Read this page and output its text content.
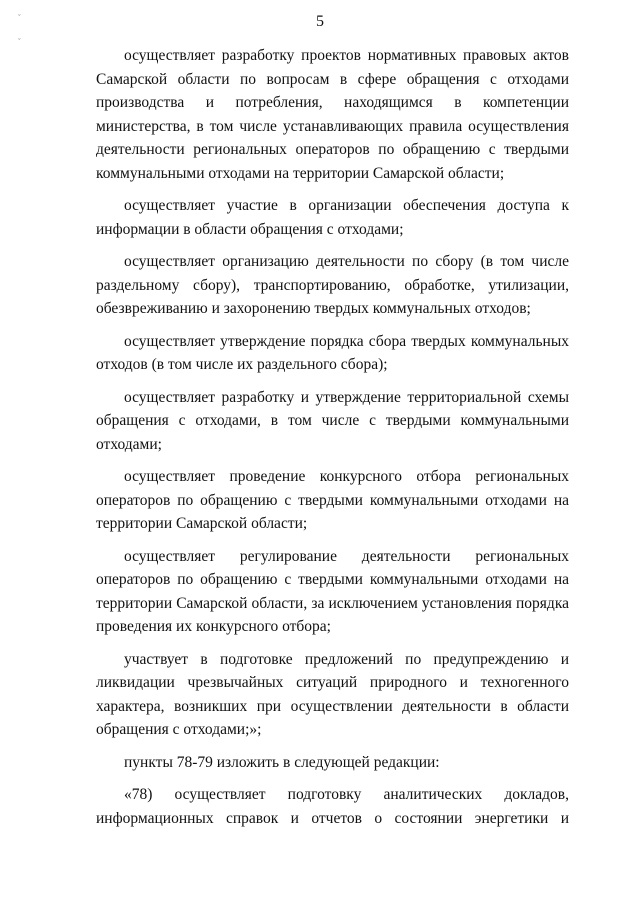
ˇ
ˇ
5

осуществляет разработку проектов нормативных правовых актов Самарской области по вопросам в сфере обращения с отходами производства и потребления, находящимся в компетенции министерства, в том числе устанавливающих правила осуществления деятельности региональных операторов по обращению с твердыми коммунальными отходами на территории Самарской области;

осуществляет участие в организации обеспечения доступа к информации в области обращения с отходами;

осуществляет организацию деятельности по сбору (в том числе раздельному сбору), транспортированию, обработке, утилизации, обезвреживанию и захоронению твердых коммунальных отходов;

осуществляет утверждение порядка сбора твердых коммунальных отходов (в том числе их раздельного сбора);

осуществляет разработку и утверждение территориальной схемы обращения с отходами, в том числе с твердыми коммунальными отходами;

осуществляет проведение конкурсного отбора региональных операторов по обращению с твердыми коммунальными отходами на территории Самарской области;

осуществляет регулирование деятельности региональных операторов по обращению с твердыми коммунальными отходами на территории Самарской области, за исключением установления порядка проведения их конкурсного отбора;

участвует в подготовке предложений по предупреждению и ликвидации чрезвычайных ситуаций природного и техногенного характера, возникших при осуществлении деятельности в области обращения с отходами;»;

пункты 78-79 изложить в следующей редакции:

«78) осуществляет подготовку аналитических докладов, информационных справок и отчетов о состоянии энергетики и
